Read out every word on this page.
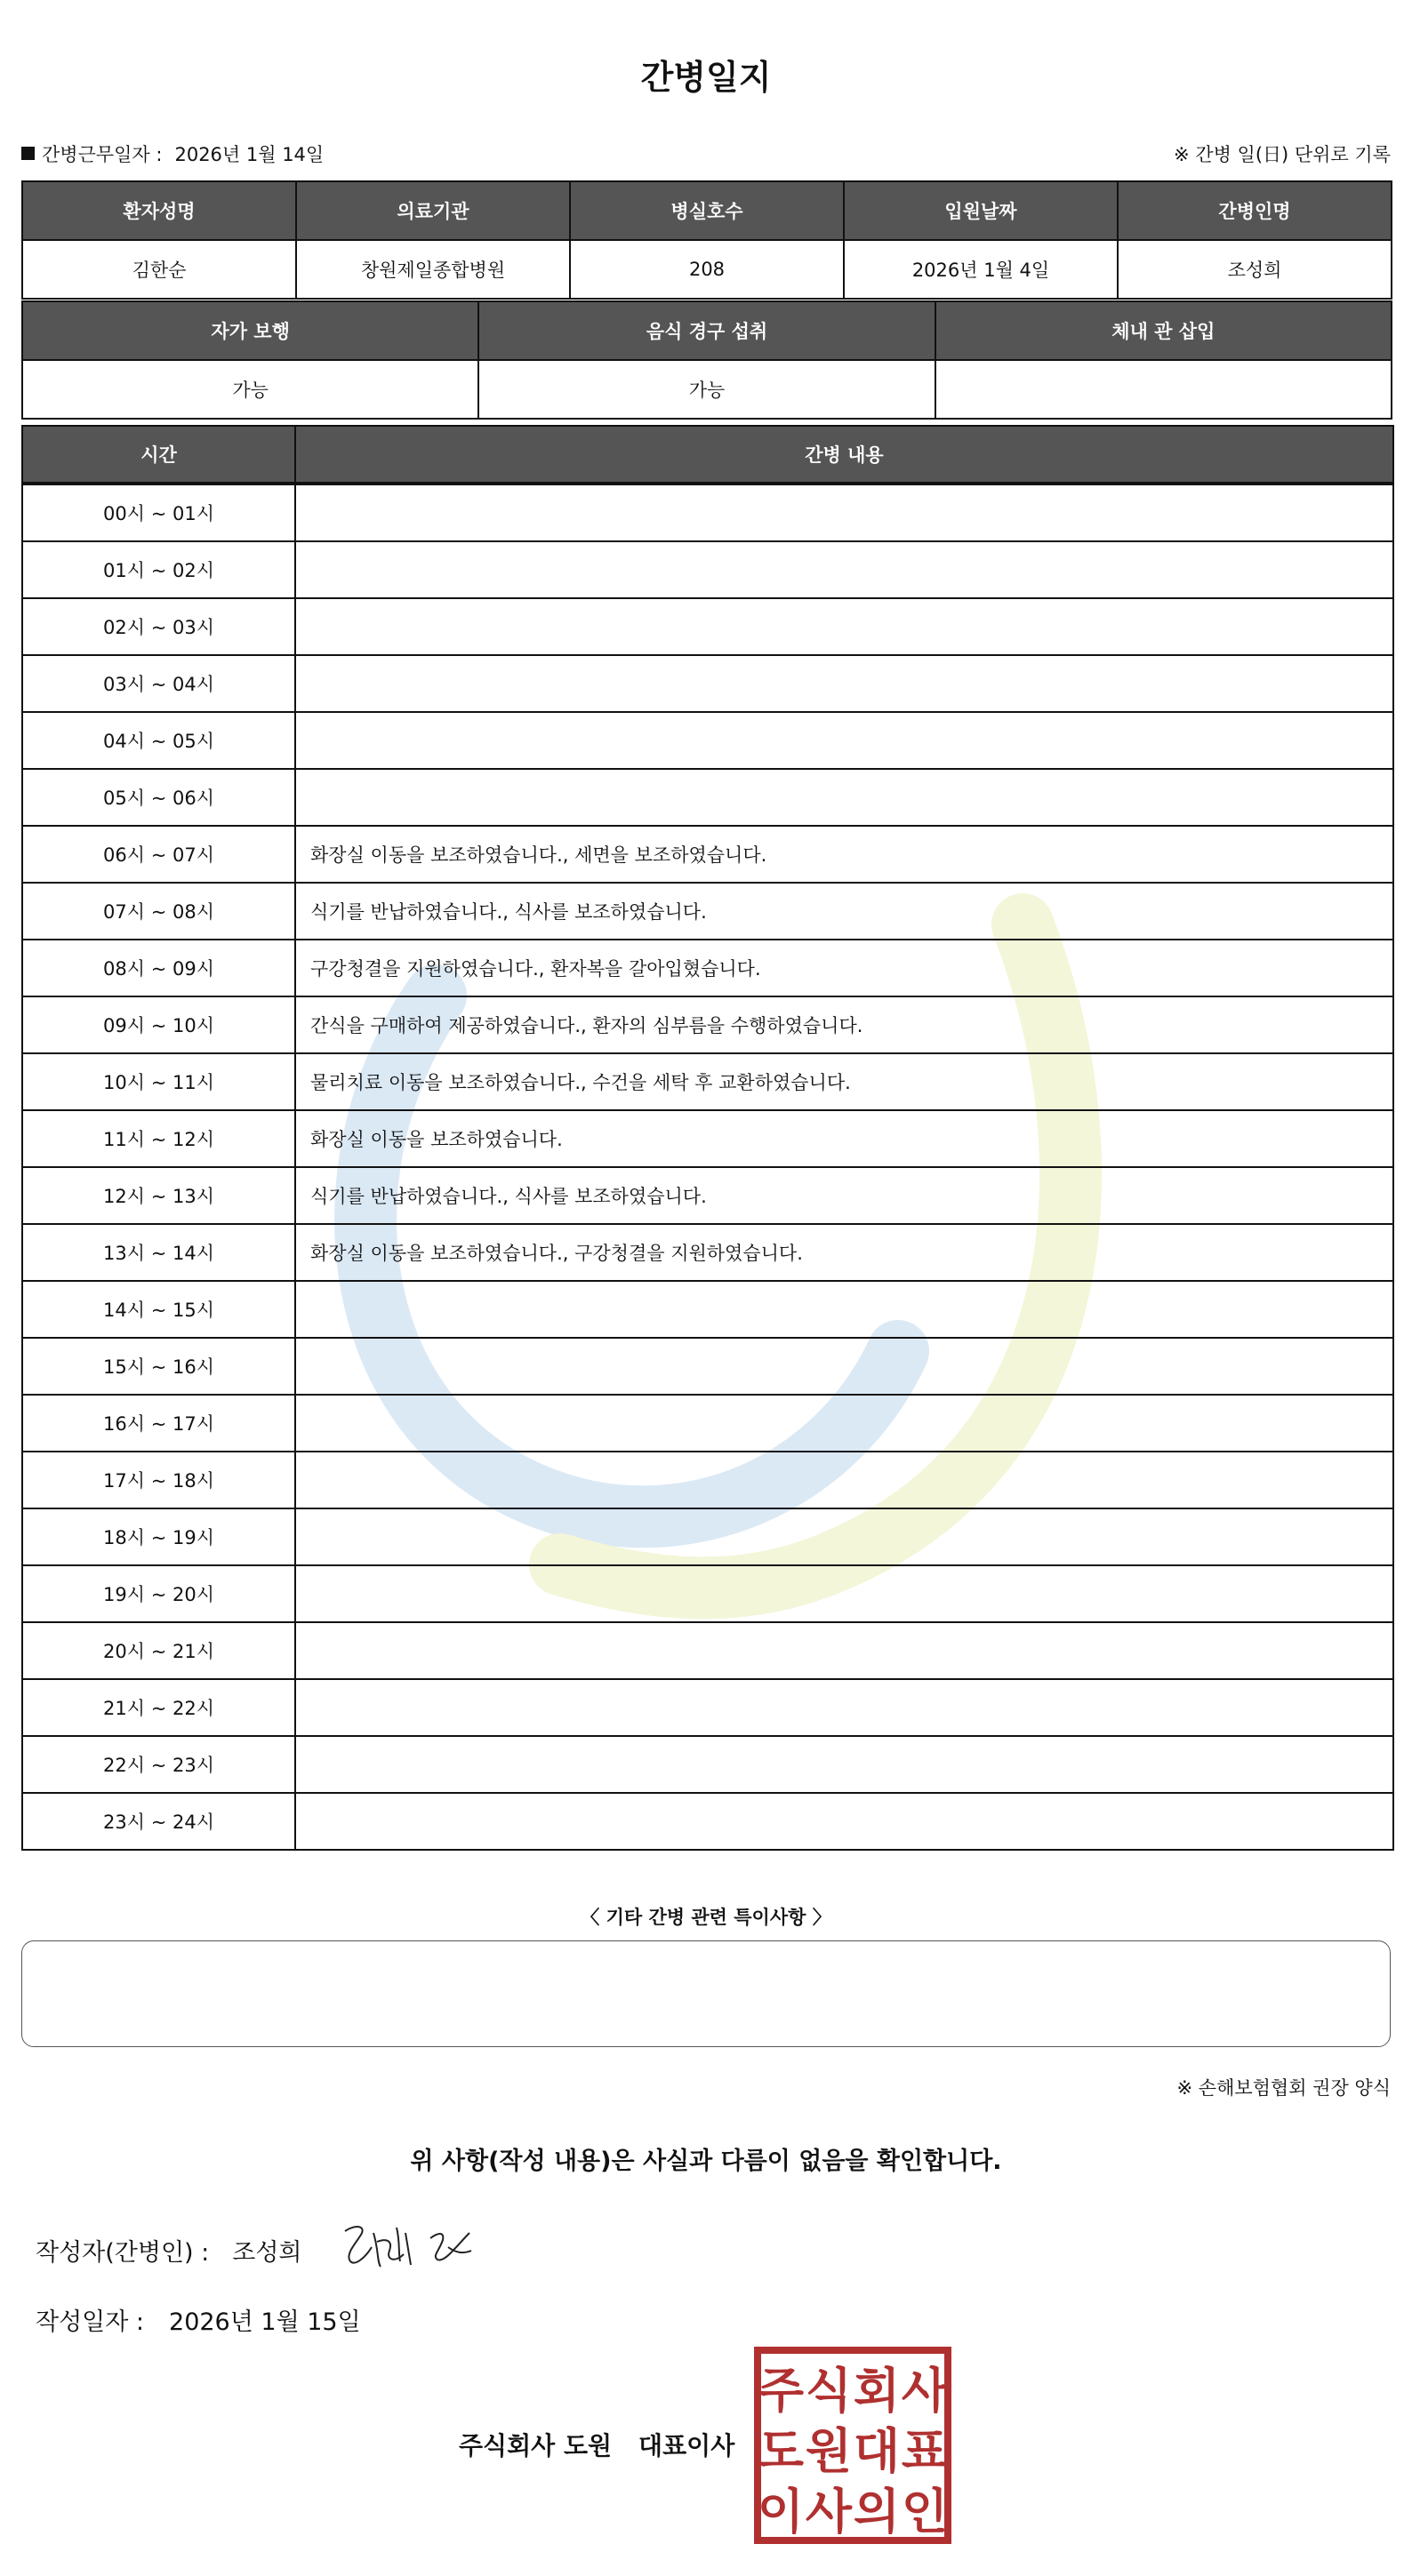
간병일지
간병근무일자 : 2026년 1월 14일	※ 간병 일(日) 단위로 기록
환자성명	의료기관	병실호수	입원날짜	간병인명
김한순	창원제일종합병원	208	2026년 1월 4일	조성희
자가 보행	음식 경구 섭취	체내 관 삽입
가능	가능	
시간	간병 내용
00시 ~ 01시	
01시 ~ 02시	
02시 ~ 03시	
03시 ~ 04시	
04시 ~ 05시	
05시 ~ 06시	
06시 ~ 07시	화장실 이동을 보조하였습니다., 세면을 보조하였습니다.
07시 ~ 08시	식기를 반납하였습니다., 식사를 보조하였습니다.
08시 ~ 09시	구강청결을 지원하였습니다., 환자복을 갈아입혔습니다.
09시 ~ 10시	간식을 구매하여 제공하였습니다., 환자의 심부름을 수행하였습니다.
10시 ~ 11시	물리치료 이동을 보조하였습니다., 수건을 세탁 후 교환하였습니다.
11시 ~ 12시	화장실 이동을 보조하였습니다.
12시 ~ 13시	식기를 반납하였습니다., 식사를 보조하였습니다.
13시 ~ 14시	화장실 이동을 보조하였습니다., 구강청결을 지원하였습니다.
14시 ~ 15시	
15시 ~ 16시	
16시 ~ 17시	
17시 ~ 18시	
18시 ~ 19시	
19시 ~ 20시	
20시 ~ 21시	
21시 ~ 22시	
22시 ~ 23시	
23시 ~ 24시	
〈 기타 간병 관련 특이사항 〉
※ 손해보험협회 권장 양식
위 사항(작성 내용)은 사실과 다름이 없음을 확인합니다.
작성자(간병인) : 조성희
작성일자 : 2026년 1월 15일
주식회사 도원 대표이사
주 식 회 사
도 원 대 표
이 사 의 인
